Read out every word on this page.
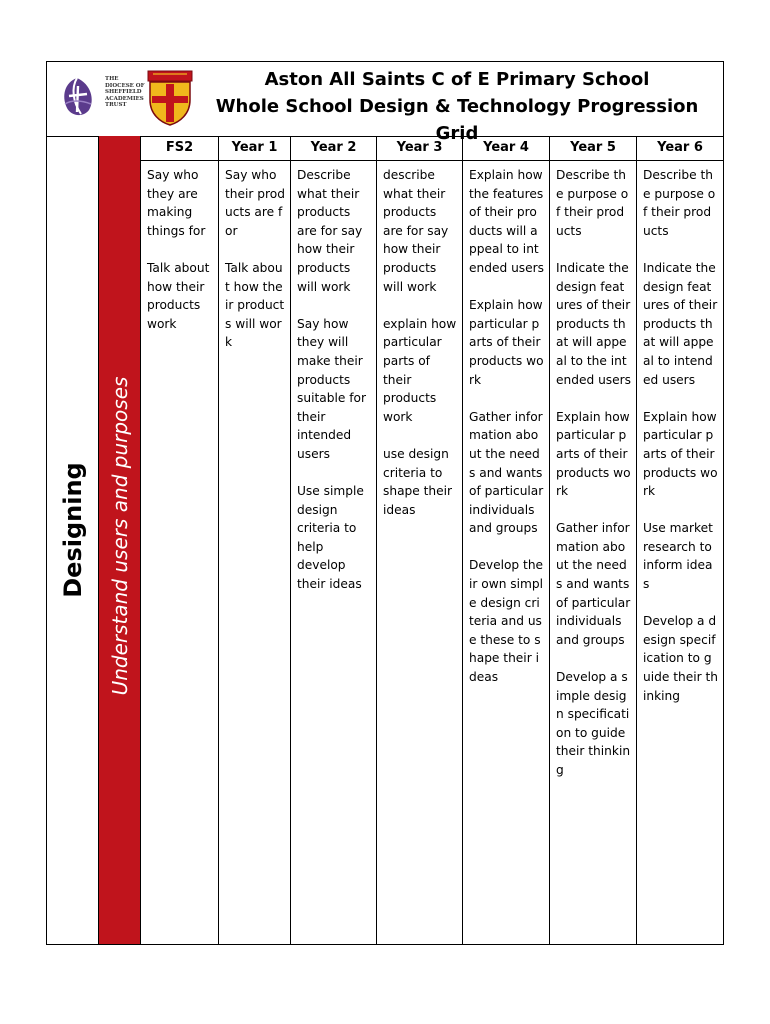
THE
DIOCESE OF
SHEFFIELD
ACADEMIES
TRUST
Aston All Saints C of E Primary School
Whole School Design & Technology Progression Grid
Designing Understand users and purposes
FS2

Say who they are making things for

Talk about how their products work

Year 1

Say who their products are for

Talk about how their products will work

Year 2

Describe what their products are for say how their products will work

Say how they will make their products suitable for their intended users

Use simple design criteria to help develop their ideas

Year 3

describe what their products are for say how their products will work

explain how particular parts of their products work

use design criteria to shape their ideas

Year 4

Explain how the features of their products will appeal to intended users

Explain how particular parts of their products work

Gather information about the needs and wants of particular individuals and groups

Develop their own simple design criteria and use these to shape their ideas

Year 5

Describe the purpose of their products

Indicate the design features of their products that will appeal to the intended users

Explain how particular parts of their products work

Gather information about the needs and wants of particular individuals and groups

Develop a simple design specification to guide their thinking

Year 6

Describe the purpose of their products

Indicate the design features of their products that will appeal to intended users

Explain how particular parts of their products work

Use market research to inform ideas

Develop a design specification to guide their thinking
